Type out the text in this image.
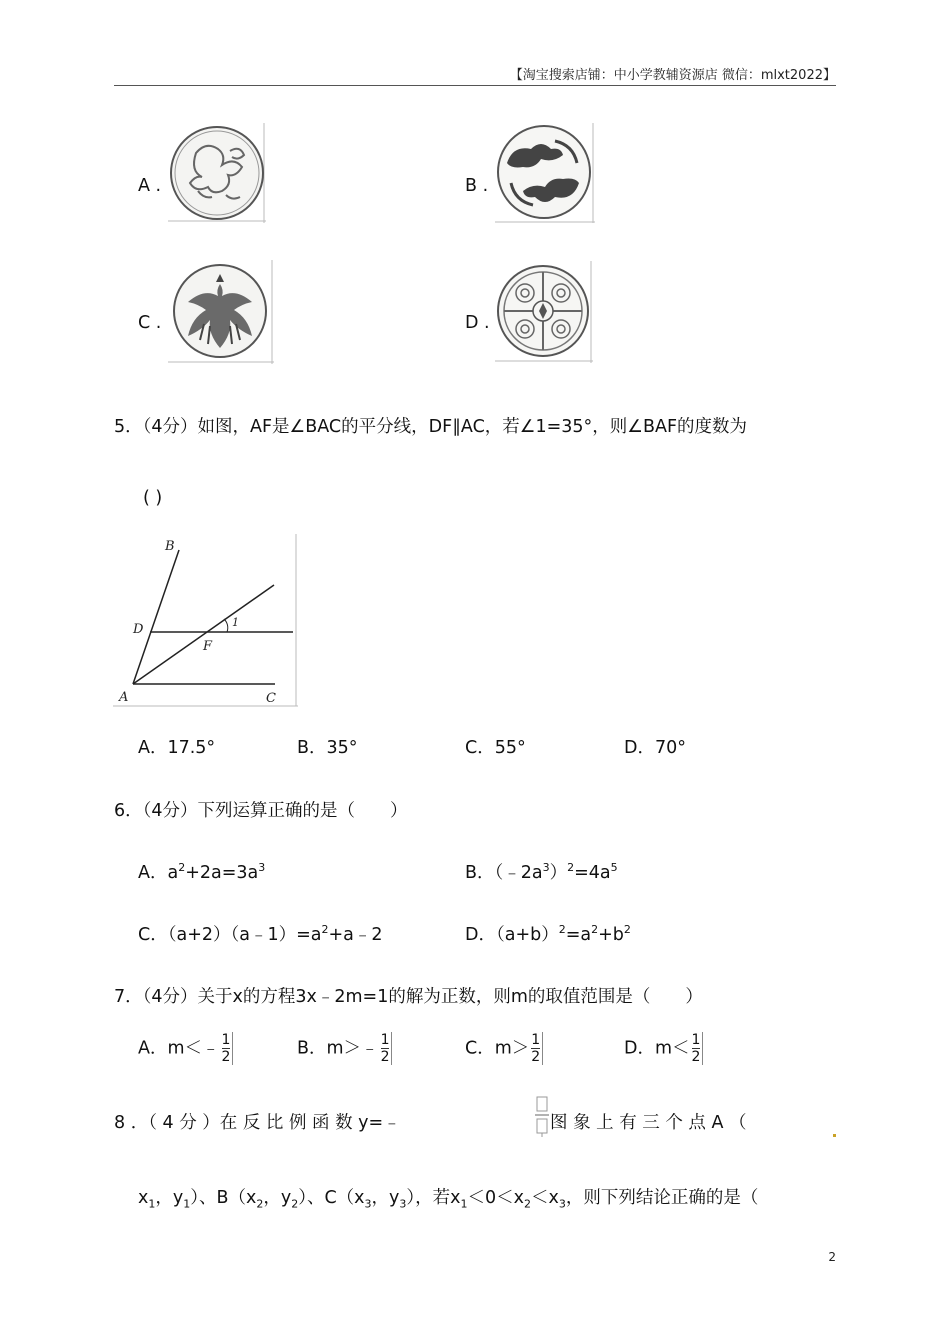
【淘宝搜索店铺：中小学教辅资源店 微信：mlxt2022】
A .	B .
C .	D .
5．（4分）如图，AF是∠BAC的平分线，DF∥AC，若∠1=35°，则∠BAF的度数为
( )
B
D
F
A	C
1
A．17.5°	B．35°	C．55°	D．70°
6．（4分）下列运算正确的是（　　）
A．$a^2+2a=3a^3$	B．$(﹣2a^3)^2=4a^5$
C．$(a+2)(a﹣1)=a^2+a﹣2$	D．$(a+b)^2=a^2+b^2$
7．（4分）关于x的方程3x﹣2m=1的解为正数，则m的取值范围是（　　）
A．m＜﹣ $\frac{1}{2}$	B．m＞﹣ $\frac{1}{2}$	C．$m> \frac{1}{2}$	D．$m< \frac{1}{2}$
8 ．（ 4 分 ）在 反 比 例 函 数 y=﹣	图 象 上 有 三 个 点 A （
$x_1$，$y_1$）、$B(x_2$，$y_2$）、$C(x_3$，$y_3$），若$x_1<0<x_2<x_3$，则下列结论正确的是（
2
